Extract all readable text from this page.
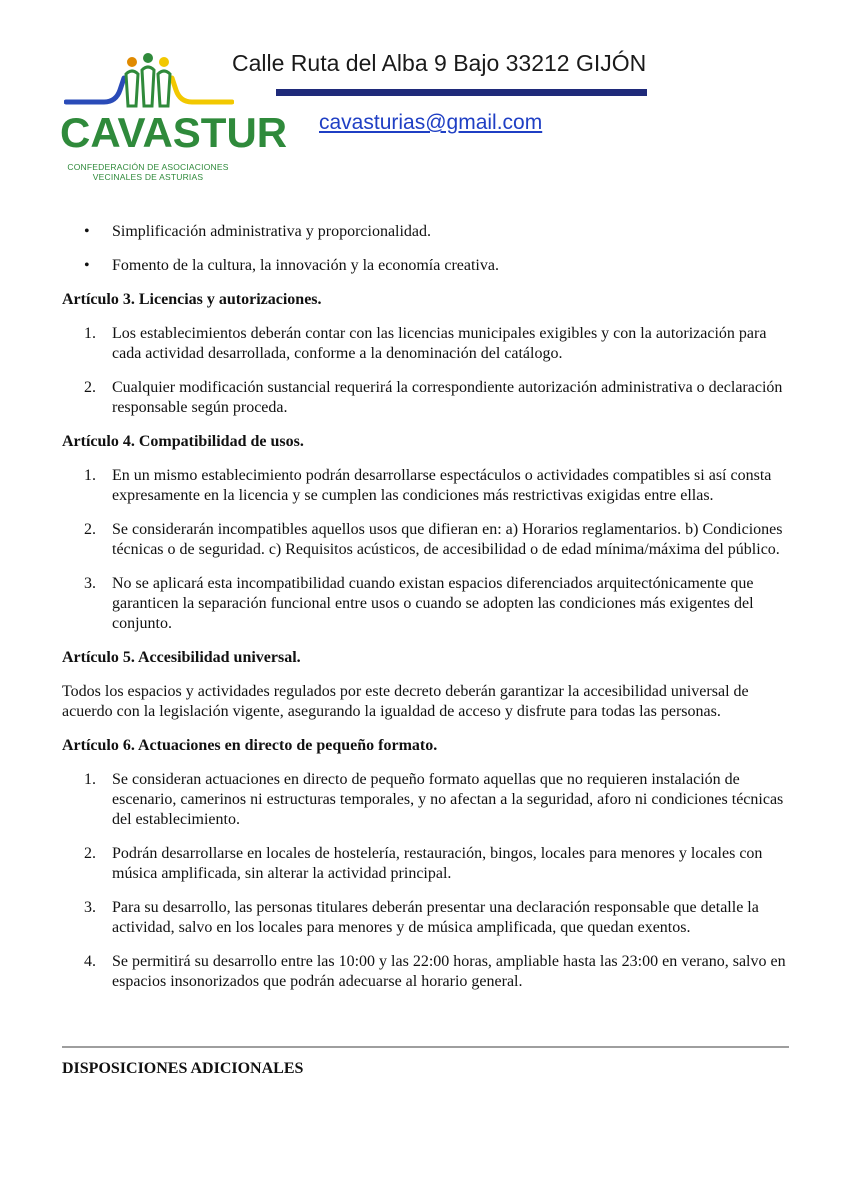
CAVASTUR
CONFEDERACIÓN DE ASOCIACIONES
VECINALES DE ASTURIAS
Calle Ruta del Alba 9 Bajo 33212 GIJÓN
cavasturias@gmail.com
• Simplificación administrativa y proporcionalidad.
• Fomento de la cultura, la innovación y la economía creativa.

Artículo 3. Licencias y autorizaciones.

1. Los establecimientos deberán contar con las licencias municipales exigibles y con la autorización para cada actividad desarrollada, conforme a la denominación del catálogo.
2. Cualquier modificación sustancial requerirá la correspondiente autorización administrativa o declaración responsable según proceda.

Artículo 4. Compatibilidad de usos.

1. En un mismo establecimiento podrán desarrollarse espectáculos o actividades compatibles si así consta expresamente en la licencia y se cumplen las condiciones más restrictivas exigidas entre ellas.
2. Se considerarán incompatibles aquellos usos que difieran en: a) Horarios reglamentarios. b) Condiciones técnicas o de seguridad. c) Requisitos acústicos, de accesibilidad o de edad mínima/máxima del público.
3. No se aplicará esta incompatibilidad cuando existan espacios diferenciados arquitectónicamente que garanticen la separación funcional entre usos o cuando se adopten las condiciones más exigentes del conjunto.

Artículo 5. Accesibilidad universal.

Todos los espacios y actividades regulados por este decreto deberán garantizar la accesibilidad universal de acuerdo con la legislación vigente, asegurando la igualdad de acceso y disfrute para todas las personas.

Artículo 6. Actuaciones en directo de pequeño formato.

1. Se consideran actuaciones en directo de pequeño formato aquellas que no requieren instalación de escenario, camerinos ni estructuras temporales, y no afectan a la seguridad, aforo ni condiciones técnicas del establecimiento.
2. Podrán desarrollarse en locales de hostelería, restauración, bingos, locales para menores y locales con música amplificada, sin alterar la actividad principal.
3. Para su desarrollo, las personas titulares deberán presentar una declaración responsable que detalle la actividad, salvo en los locales para menores y de música amplificada, que quedan exentos.
4. Se permitirá su desarrollo entre las 10:00 y las 22:00 horas, ampliable hasta las 23:00 en verano, salvo en espacios insonorizados que podrán adecuarse al horario general.
DISPOSICIONES ADICIONALES
